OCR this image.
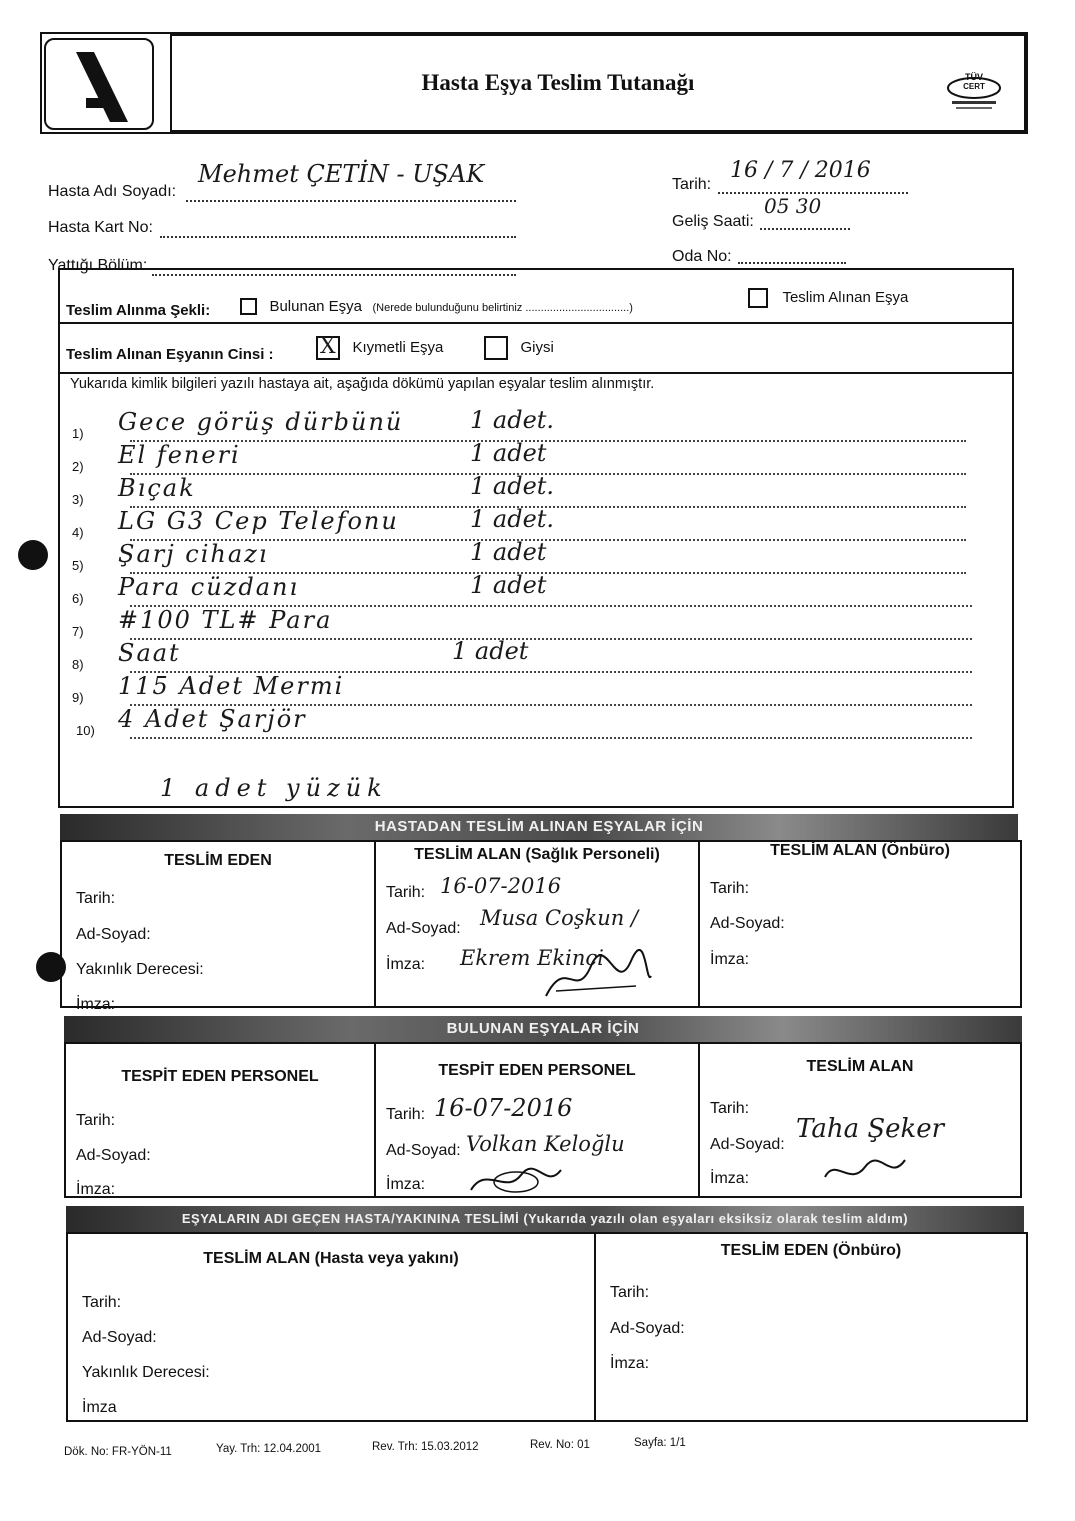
Hasta Eşya Teslim Tutanağı	TÜV
CERT
Hasta Adı Soyadı:
Mehmet ÇETİN - UŞAK
Hasta Kart No:
Yattığı Bölüm:
Tarih:
16 / 7 / 2016
Geliş Saati:
05 30
Oda No:
Teslim Alınma Şekli:	Bulunan Eşya (Nerede bulunduğunu belirtiniz ..................................)
Teslim Alınan Eşya
Teslim Alınan Eşyanın Cinsi : X Kıymetli Eşya	Giysi
Yukarıda kimlik bilgileri yazılı hastaya ait, aşağıda dökümü yapılan eşyalar teslim alınmıştır.
1) Gece görüş dürbünü	1 adet.
2) El feneri	1 adet
3) Bıçak	1 adet.
4) LG G3 Cep Telefonu	1 adet.
5) Şarj cihazı	1 adet
6) Para cüzdanı	1 adet
7) #100 TL# Para
8) Saat	1 adet
9) 115 Adet Mermi
10) 4 Adet Şarjör
1 adet yüzük
HASTADAN TESLİM ALINAN EŞYALAR İÇİN
TESLİM EDEN
Tarih:
Ad-Soyad:
Yakınlık Derecesi:
İmza:
TESLİM ALAN (Sağlık Personeli)
Tarih: 16-07-2016
Ad-Soyad: Musa Coşkun /
İmza: Ekrem Ekinci
TESLİM ALAN (Önbüro)
Tarih:
Ad-Soyad:
İmza:
BULUNAN EŞYALAR İÇİN
TESPİT EDEN PERSONEL
Tarih:
Ad-Soyad:
İmza:
TESPİT EDEN PERSONEL
Tarih: 16-07-2016
Ad-Soyad: Volkan Keloğlu
İmza:
TESLİM ALAN
Tarih:
Ad-Soyad:
Taha Şeker
İmza:
EŞYALARIN ADI GEÇEN HASTA/YAKININA TESLİMİ (Yukarıda yazılı olan eşyaları eksiksiz olarak teslim aldım)
TESLİM ALAN (Hasta veya yakını)
Tarih:
Ad-Soyad:
Yakınlık Derecesi:
İmza
TESLİM EDEN (Önbüro)
Tarih:
Ad-Soyad:
İmza:
Dök. No: FR-YÖN-11	Yay. Trh: 12.04.2001	Rev. Trh: 15.03.2012	Rev. No: 01	Sayfa: 1/1
